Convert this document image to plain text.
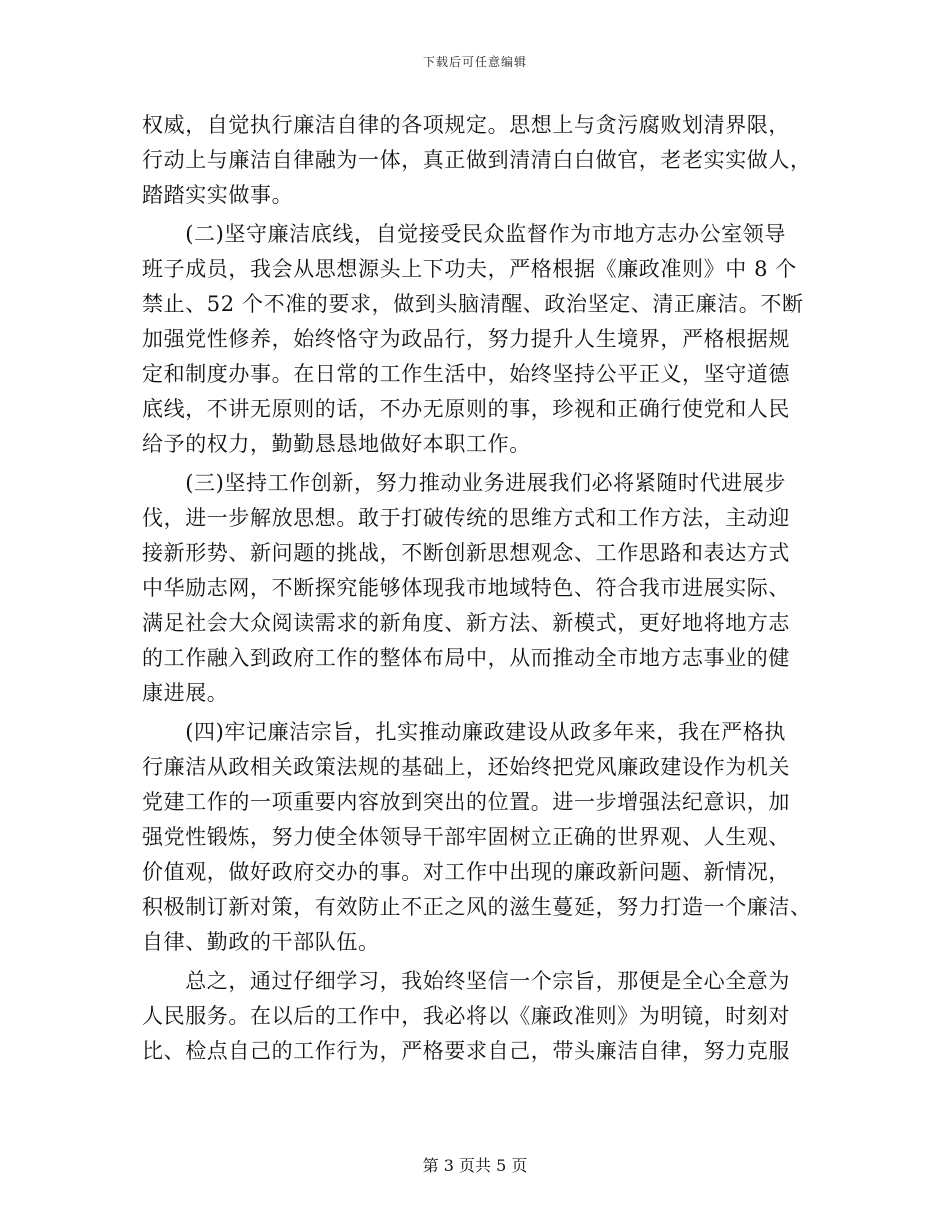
下载后可任意编辑
权威，自觉执行廉洁自律的各项规定。思想上与贪污腐败划清界限，
行动上与廉洁自律融为一体，真正做到清清白白做官，老老实实做人，
踏踏实实做事。
　　(二)坚守廉洁底线，自觉接受民众监督作为市地方志办公室领导
班子成员，我会从思想源头上下功夫，严格根据《廉政准则》中 8 个
禁止、52 个不准的要求，做到头脑清醒、政治坚定、清正廉洁。不断
加强党性修养，始终恪守为政品行，努力提升人生境界，严格根据规
定和制度办事。在日常的工作生活中，始终坚持公平正义，坚守道德
底线，不讲无原则的话，不办无原则的事，珍视和正确行使党和人民
给予的权力，勤勤恳恳地做好本职工作。
　　(三)坚持工作创新，努力推动业务进展我们必将紧随时代进展步
伐，进一步解放思想。敢于打破传统的思维方式和工作方法，主动迎
接新形势、新问题的挑战，不断创新思想观念、工作思路和表达方式
中华励志网，不断探究能够体现我市地域特色、符合我市进展实际、
满足社会大众阅读需求的新角度、新方法、新模式，更好地将地方志
的工作融入到政府工作的整体布局中，从而推动全市地方志事业的健
康进展。
　　(四)牢记廉洁宗旨，扎实推动廉政建设从政多年来，我在严格执
行廉洁从政相关政策法规的基础上，还始终把党风廉政建设作为机关
党建工作的一项重要内容放到突出的位置。进一步增强法纪意识，加
强党性锻炼，努力使全体领导干部牢固树立正确的世界观、人生观、
价值观，做好政府交办的事。对工作中出现的廉政新问题、新情况，
积极制订新对策，有效防止不正之风的滋生蔓延，努力打造一个廉洁、
自律、勤政的干部队伍。
　　总之，通过仔细学习，我始终坚信一个宗旨，那便是全心全意为
人民服务。在以后的工作中，我必将以《廉政准则》为明镜，时刻对
比、检点自己的工作行为，严格要求自己，带头廉洁自律，努力克服
第 3 页共 5 页
